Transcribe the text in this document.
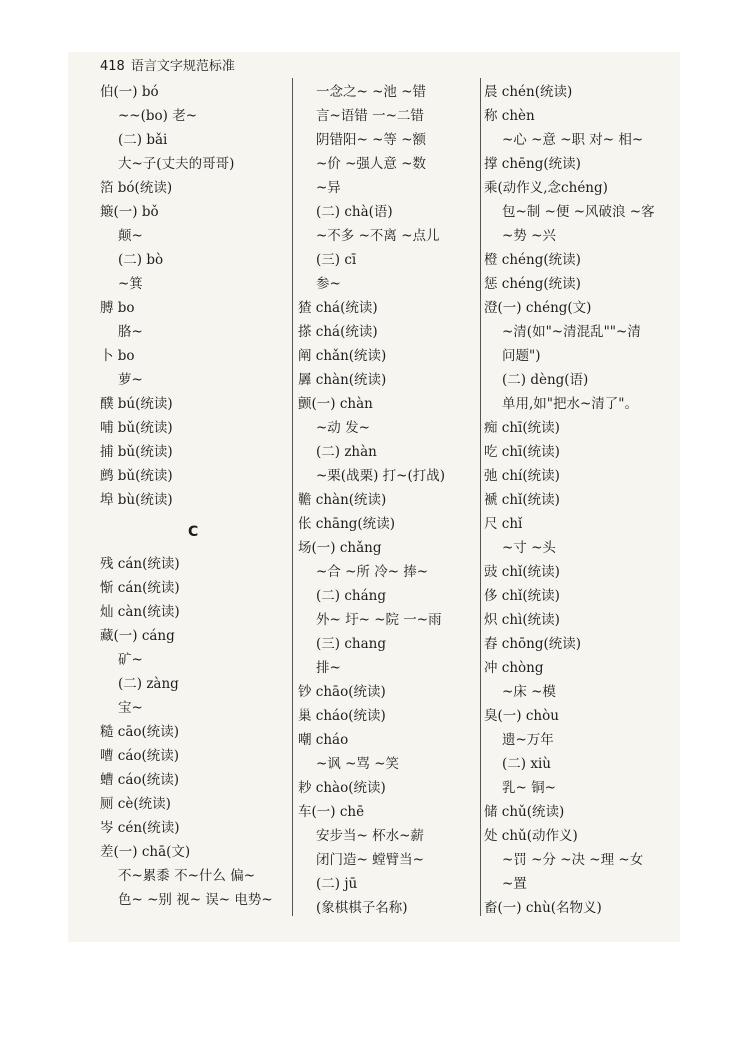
418 语言文字规范标准
伯(一) bó
~~(bo) 老~
(二) bǎi
大~子(丈夫的哥哥)
箔 bó(统读)
簸(一) bǒ
颠~
(二) bò
~箕
膊 bo
胳~
卜 bo
萝~
醭 bú(统读)
哺 bǔ(统读)
捕 bǔ(统读)
鹧 bǔ(统读)
埠 bù(统读)
C
残 cán(统读)
惭 cán(统读)
灿 càn(统读)
藏(一) cáng
矿~
(二) zàng
宝~
糙 cāo(统读)
嘈 cáo(统读)
螬 cáo(统读)
厕 cè(统读)
岑 cén(统读)
差(一) chā(文)
不~累黍 不~什么 偏~
色~ ~别 视~ 误~ 电势~
一念之~ ~池 ~错
言~语错 一~二错
阴错阳~ ~等 ~额
~价 ~强人意 ~数
~异
(二) chà(语)
~不多 ~不离 ~点儿
(三) cī
参~
猹 chá(统读)
搽 chá(统读)
阐 chǎn(统读)
羼 chàn(统读)
颤(一) chàn
~动 发~
(二) zhàn
~栗(战栗) 打~(打战)
韂 chàn(统读)
伥 chāng(统读)
场(一) chǎng
~合 ~所 冷~ 捧~
(二) cháng
外~ 圩~ ~院 一~雨
(三) chang
排~
钞 chāo(统读)
巢 cháo(统读)
嘲 cháo
~讽 ~骂 ~笑
耖 chào(统读)
车(一) chē
安步当~ 杯水~薪
闭门造~ 螳臂当~
(二) jū
(象棋棋子名称)
晨 chén(统读)
称 chèn
~心 ~意 ~职 对~ 相~
撑 chēng(统读)
乘(动作义,念chéng)
包~制 ~便 ~风破浪 ~客
~势 ~兴
橙 chéng(统读)
惩 chéng(统读)
澄(一) chéng(文)
~清(如"~清混乱""~清
问题")
(二) dèng(语)
单用,如"把水~清了"。
痴 chī(统读)
吃 chī(统读)
弛 chí(统读)
褫 chǐ(统读)
尺 chǐ
~寸 ~头
豉 chǐ(统读)
侈 chǐ(统读)
炽 chì(统读)
舂 chōng(统读)
冲 chòng
~床 ~模
臭(一) chòu
遗~万年
(二) xiù
乳~ 铜~
储 chǔ(统读)
处 chǔ(动作义)
~罚 ~分 ~决 ~理 ~女
~置
畜(一) chù(名物义)
